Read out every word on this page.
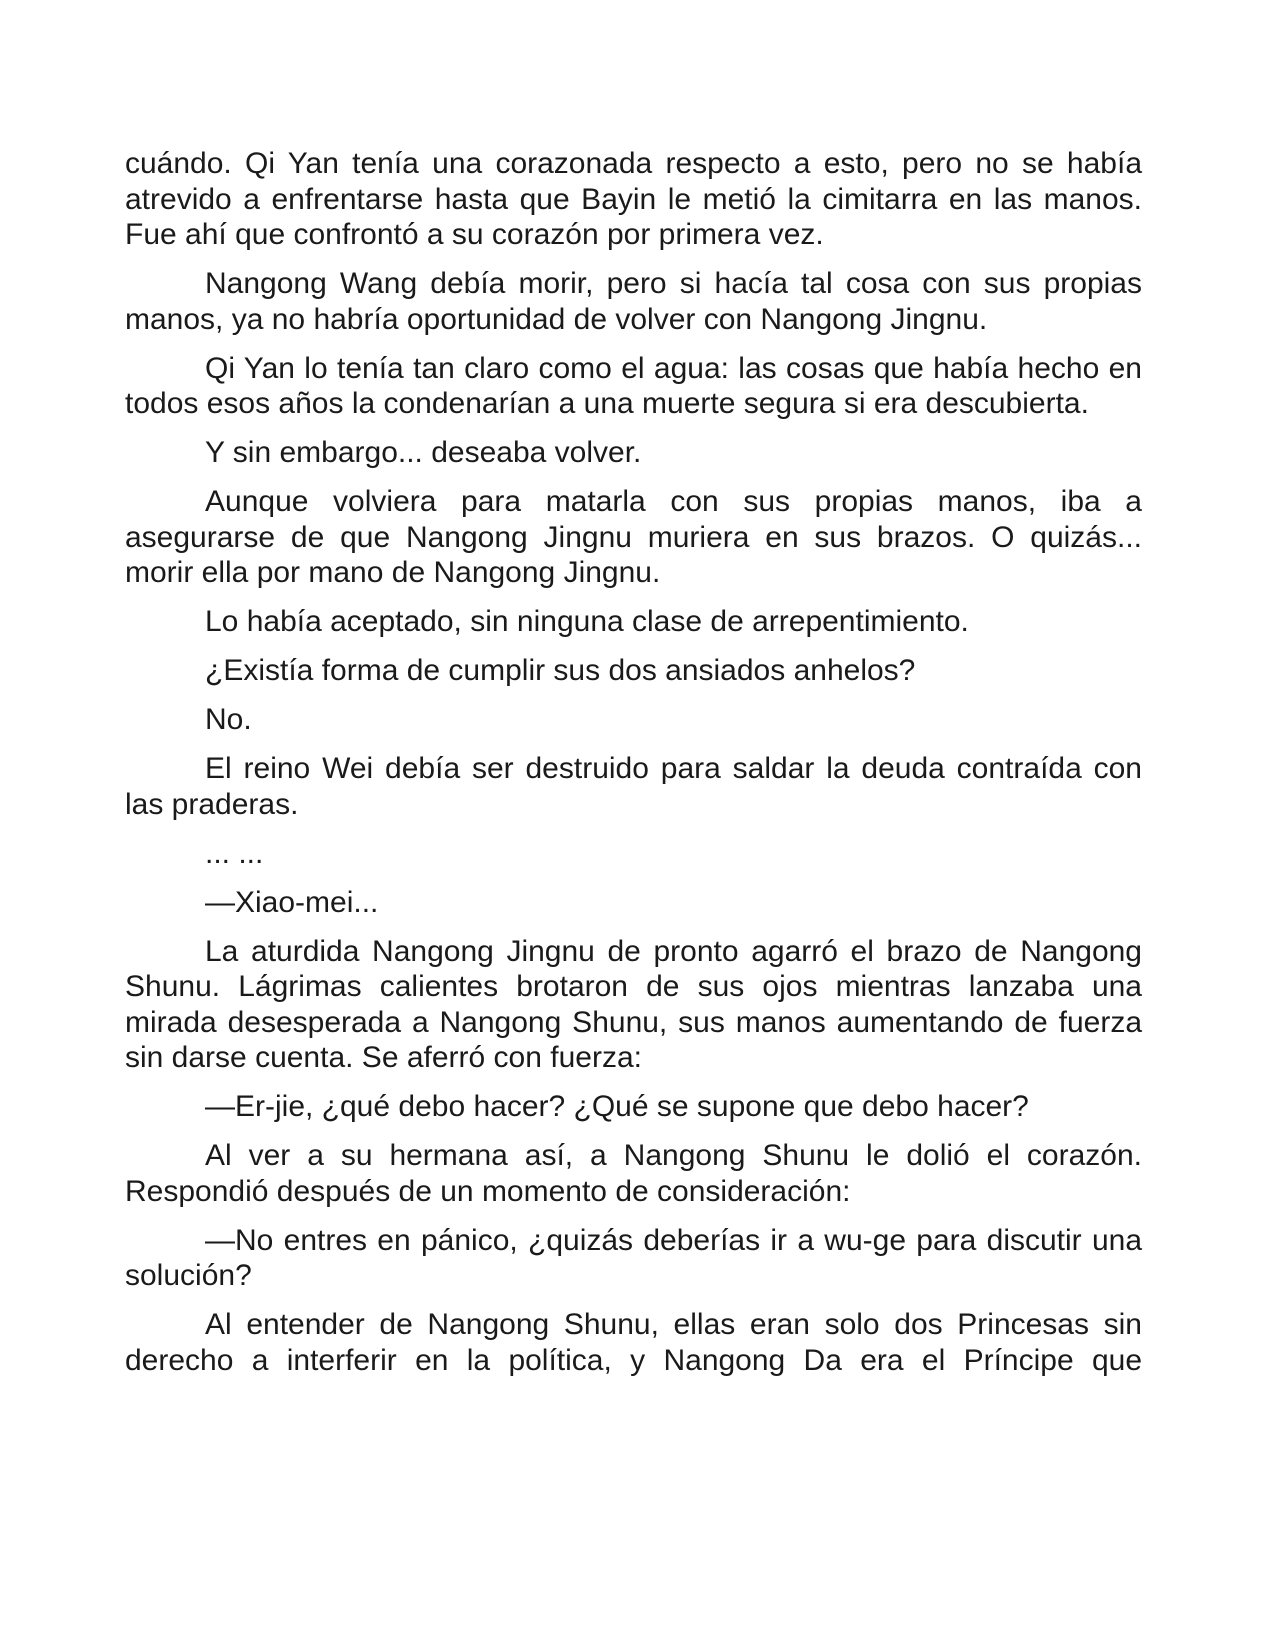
cuándo. Qi Yan tenía una corazonada respecto a esto, pero no se había atrevido a enfrentarse hasta que Bayin le metió la cimitarra en las manos. Fue ahí que confrontó a su corazón por primera vez.

Nangong Wang debía morir, pero si hacía tal cosa con sus propias manos, ya no habría oportunidad de volver con Nangong Jingnu.

Qi Yan lo tenía tan claro como el agua: las cosas que había hecho en todos esos años la condenarían a una muerte segura si era descubierta.

Y sin embargo... deseaba volver.

Aunque volviera para matarla con sus propias manos, iba a asegurarse de que Nangong Jingnu muriera en sus brazos. O quizás... morir ella por mano de Nangong Jingnu.

Lo había aceptado, sin ninguna clase de arrepentimiento.

¿Existía forma de cumplir sus dos ansiados anhelos?

No.

El reino Wei debía ser destruido para saldar la deuda contraída con las praderas.

... ...

—Xiao-mei...

La aturdida Nangong Jingnu de pronto agarró el brazo de Nangong Shunu. Lágrimas calientes brotaron de sus ojos mientras lanzaba una mirada desesperada a Nangong Shunu, sus manos aumentando de fuerza sin darse cuenta. Se aferró con fuerza:

—Er-jie, ¿qué debo hacer? ¿Qué se supone que debo hacer?

Al ver a su hermana así, a Nangong Shunu le dolió el corazón. Respondió después de un momento de consideración:

—No entres en pánico, ¿quizás deberías ir a wu-ge para discutir una solución?

Al entender de Nangong Shunu, ellas eran solo dos Princesas sin derecho a interferir en la política, y Nangong Da era el Príncipe que
